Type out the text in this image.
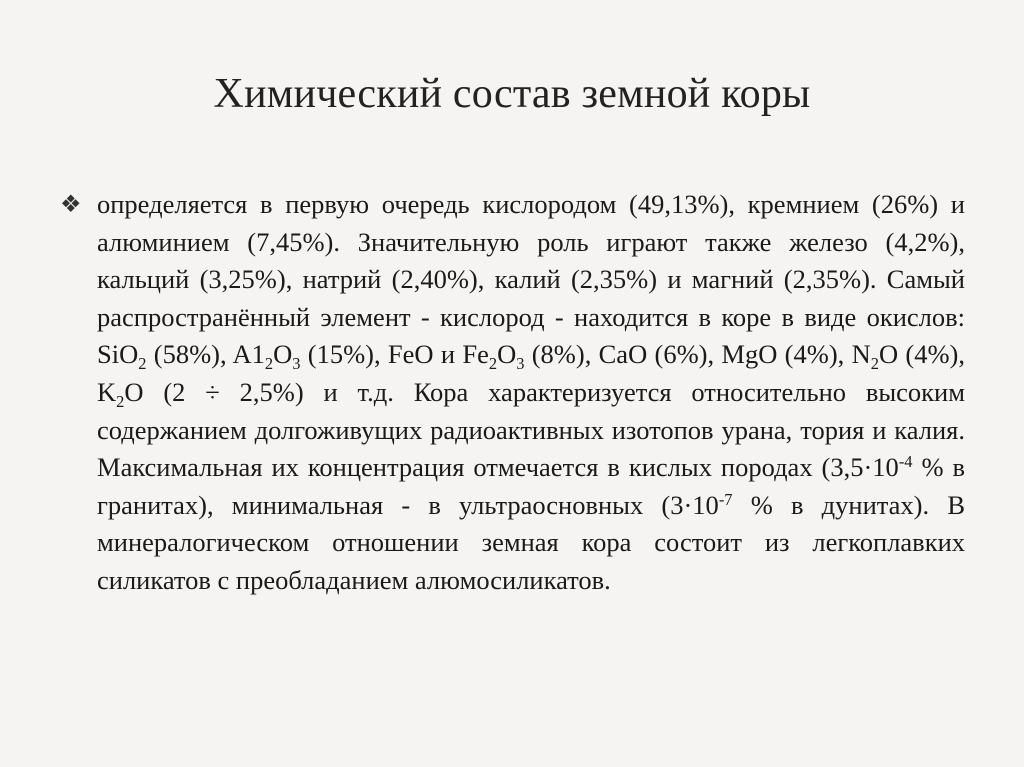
Химический состав земной коры
❖ определяется в первую очередь кислородом (49,13%), кремнием (26%) и алюминием (7,45%). Значительную роль играют также железо (4,2%), кальций (3,25%), натрий (2,40%), калий (2,35%) и магний (2,35%). Самый распространённый элемент - кислород - находится в коре в виде окислов: SiO$_2$ (58%), $A1_2O_3$ (15%), FeO и $Fe_2O_3$ (8%), CaO (6%), MgO (4%), $N_2O$ (4%), $K_2O$ (2 ÷ 2,5%) и т.д. Кора характеризуется относительно высоким содержанием долгоживущих радиоактивных изотопов урана, тория и калия. Максимальная их концентрация отмечается в кислых породах ($3,5\cdot 10^{-4}$ % в гранитах), минимальная - в ультраосновных ($3\cdot 10^{-7}$ % в дунитах). В минералогическом отношении земная кора состоит из легкоплавких силикатов с преобладанием алюмосиликатов.
